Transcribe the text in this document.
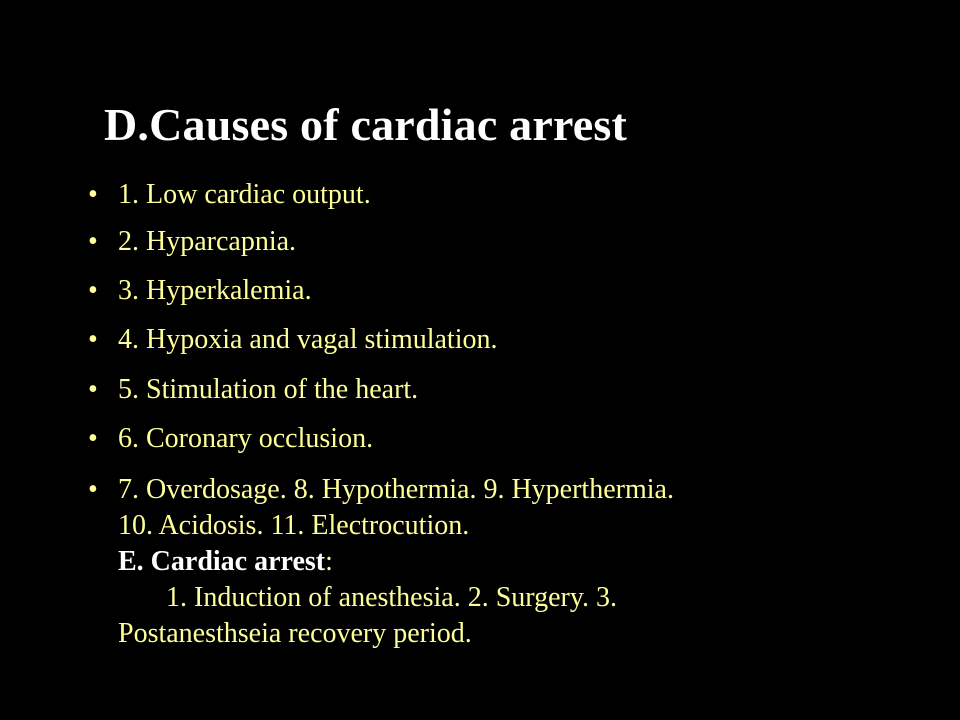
D.Causes of cardiac arrest
• 1. Low cardiac output.
• 2. Hyparcapnia.
• 3. Hyperkalemia.
• 4. Hypoxia and vagal stimulation.
• 5. Stimulation of the heart.
• 6. Coronary occlusion.
• 7. Overdosage. 8. Hypothermia. 9. Hyperthermia.
10. Acidosis. 11. Electrocution.
E. Cardiac arrest:
1. Induction of anesthesia. 2. Surgery. 3.
Postanesthseia recovery period.
